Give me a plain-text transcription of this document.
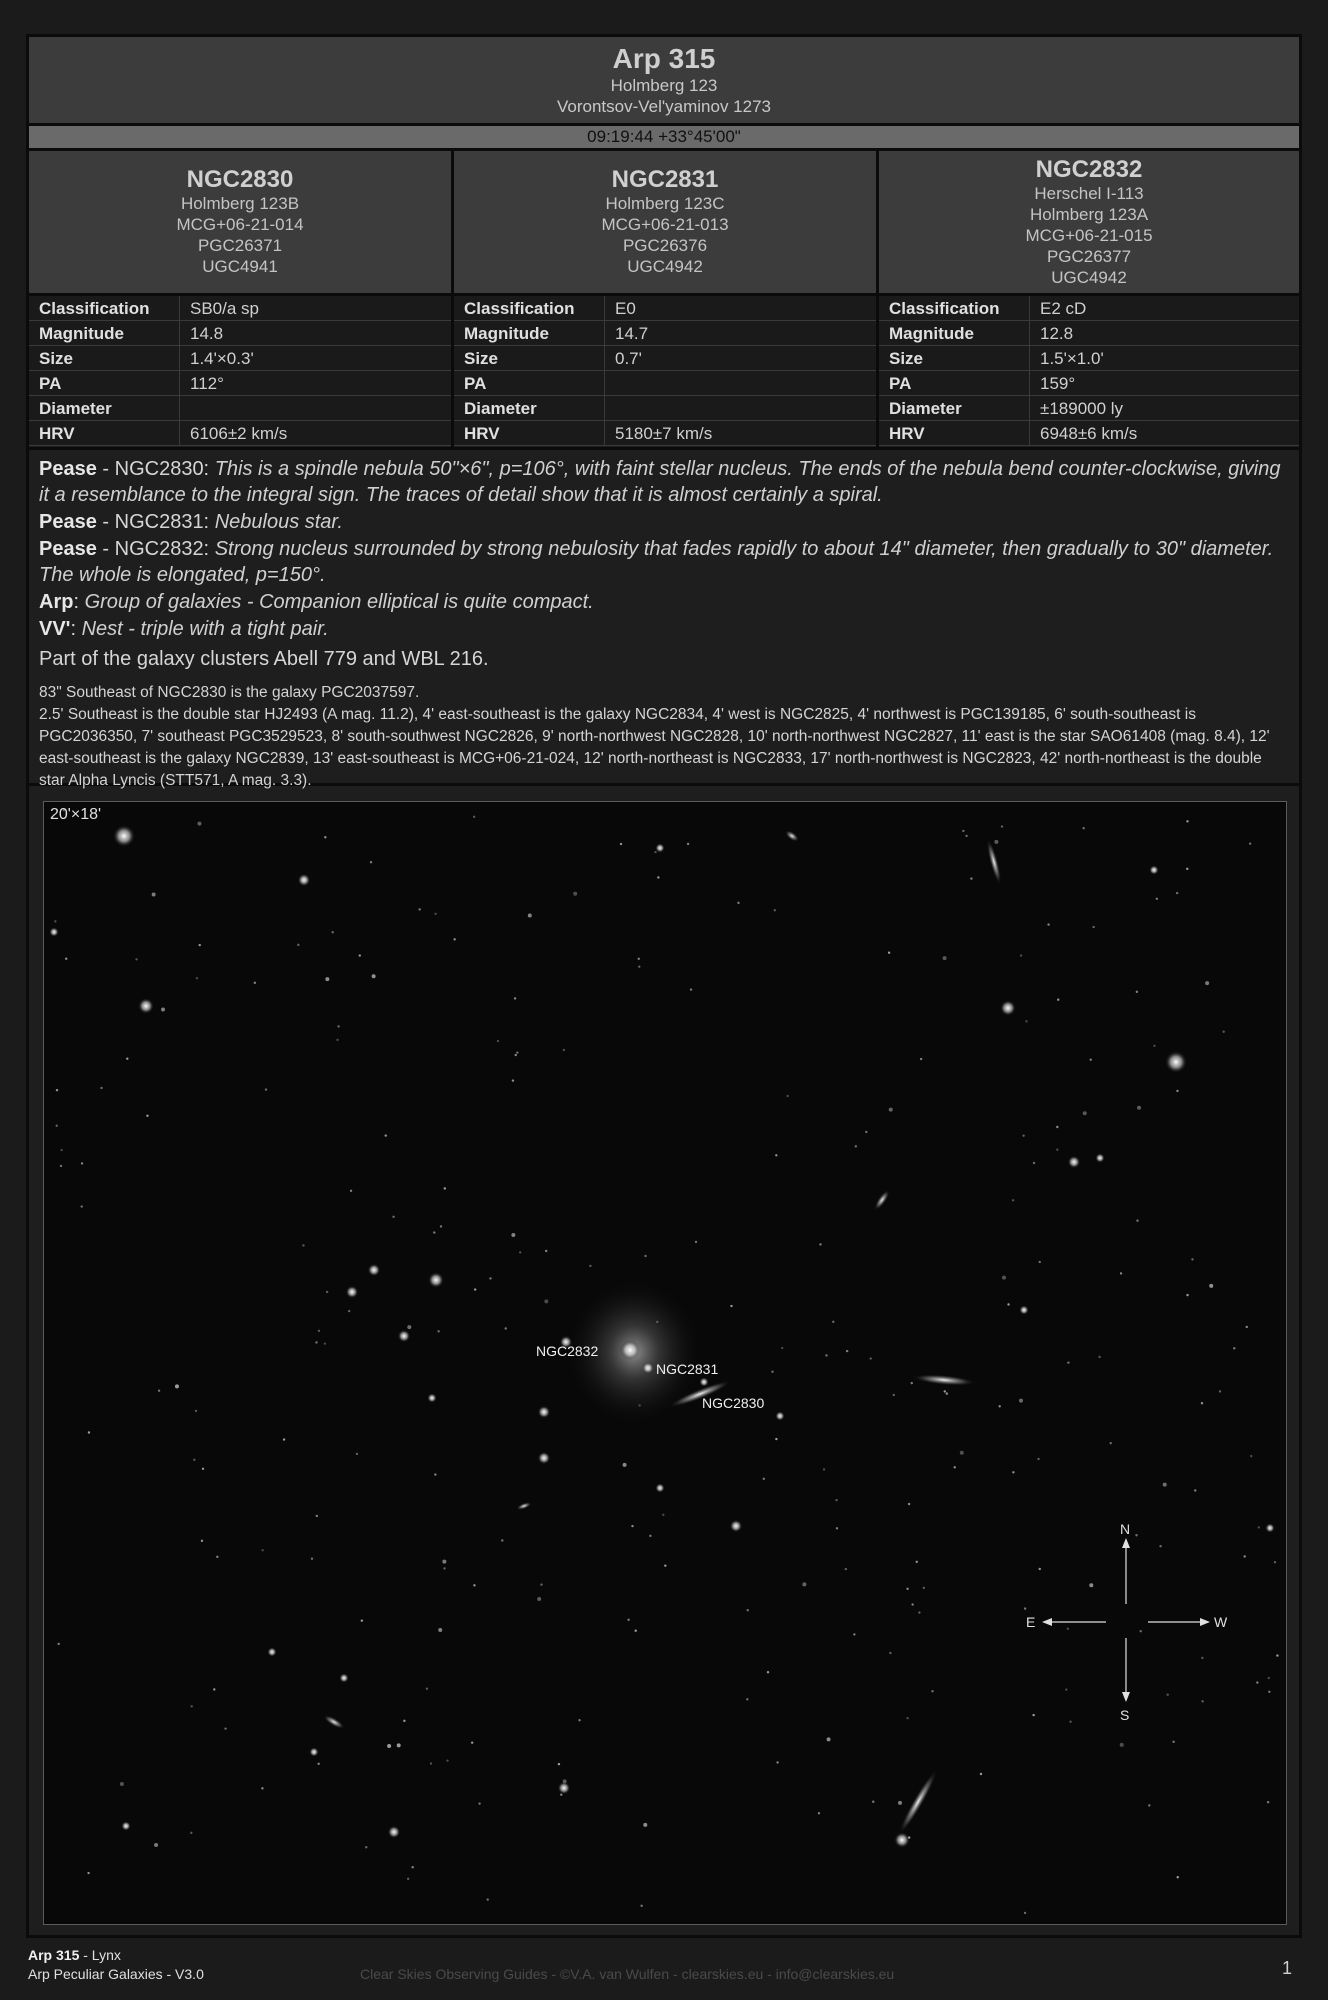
Arp 315
Holmberg 123
Vorontsov-Vel'yaminov 1273
09:19:44 +33°45'00"
NGC2830
Holmberg 123B
MCG+06-21-014
PGC26371
UGC4941
Classification	SB0/a sp
Magnitude	14.8
Size	1.4'×0.3'
PA	112°
Diameter	
HRV	6106±2 km/s
NGC2831
Holmberg 123C
MCG+06-21-013
PGC26376
UGC4942
Classification	E0
Magnitude	14.7
Size	0.7'
PA	
Diameter	
HRV	5180±7 km/s
NGC2832
Herschel I-113
Holmberg 123A
MCG+06-21-015
PGC26377
UGC4942
Classification	E2 cD
Magnitude	12.8
Size	1.5'×1.0'
PA	159°
Diameter	±189000 ly
HRV	6948±6 km/s

Pease - NGC2830: This is a spindle nebula 50"×6", p=106°, with faint stellar nucleus. The ends of the nebula bend counter-clockwise, giving it a resemblance to the integral sign. The traces of detail show that it is almost certainly a spiral.

Pease - NGC2831: Nebulous star.

Pease - NGC2832: Strong nucleus surrounded by strong nebulosity that fades rapidly to about 14" diameter, then gradually to 30" diameter. The whole is elongated, p=150°.

Arp: Group of galaxies - Companion elliptical is quite compact.

VV': Nest - triple with a tight pair.

Part of the galaxy clusters Abell 779 and WBL 216.

83" Southeast of NGC2830 is the galaxy PGC2037597.
2.5' Southeast is the double star HJ2493 (A mag. 11.2), 4' east-southeast is the galaxy NGC2834, 4' west is NGC2825, 4' northwest is PGC139185, 6' south-southeast is PGC2036350, 7' southeast PGC3529523, 8' south-southwest NGC2826, 9' north-northwest NGC2828, 10' north-northwest NGC2827, 11' east is the star SAO61408 (mag. 8.4), 12' east-southeast is the galaxy NGC2839, 13' east-southeast is MCG+06-21-024, 12' north-northeast is NGC2833, 17' north-northwest is NGC2823, 42' north-northeast is the double star Alpha Lyncis (STT571, A mag. 3.3).
NGC2832
NGC2831
NGC2830
N
S
E	W
20'×18'
Arp 315 - Lynx
Arp Peculiar Galaxies - V3.0	Clear Skies Observing Guides - ©V.A. van Wulfen - clearskies.eu - info@clearskies.eu	1
